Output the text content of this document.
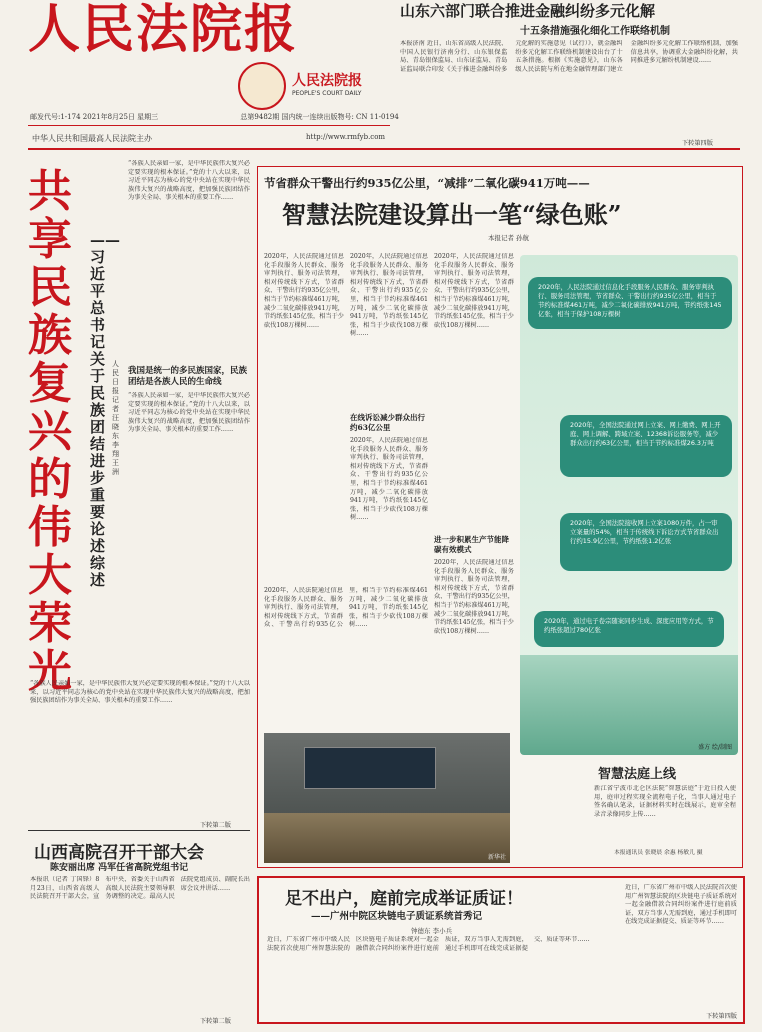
人民法院报
人民法院报
PEOPLE'S COURT DAILY
邮发代号:1-174 2021年8月25日 星期三	总第9482期 国内统一连续出版物号: CN 11-0194
中华人民共和国最高人民法院主办	http://www.rmfyb.com
山东六部门联合推进金融纠纷多元化解
十五条措施强化细化工作联络机制
本报济南 近日，山东省高级人民法院、中国人民银行济南分行、山东银保监局、青岛银保监局、山东证监局、青岛证监局联合印发《关于推进金融纠纷多元化解的实施意见（试行）》，就金融纠纷多元化解工作联络机制建设出台了十五条措施。根据《实施意见》，山东各级人民法院与所在地金融管理部门建立金融纠纷多元化解工作联络机制，加强信息共享，协调重大金融纠纷化解，共同推进多元解纷机制建设……
下转第四版
共享民族复兴的伟大荣光
——习近平总书记关于民族团结进步重要论述综述
人民日报记者 汪晓东 李翔 王洲
“各族人民亲如一家，是中华民族伟大复兴必定要实现的根本保证。”党的十八大以来，以习近平同志为核心的党中央站在实现中华民族伟大复兴的战略高度，把加强民族团结作为事关全局、事关根本的重要工作……
我国是统一的多民族国家，民族团结是各族人民的生命线
“各族人民亲如一家，是中华民族伟大复兴必定要实现的根本保证。”党的十八大以来，以习近平同志为核心的党中央站在实现中华民族伟大复兴的战略高度，把加强民族团结作为事关全局、事关根本的重要工作……
“各族人民亲如一家，是中华民族伟大复兴必定要实现的根本保证。”党的十八大以来，以习近平同志为核心的党中央站在实现中华民族伟大复兴的战略高度，把加强民族团结作为事关全局、事关根本的重要工作……
下转第二版
山西高院召开干部大会
陈安丽出席 冯军任省高院党组书记
本报讯（记者 丁国锋）8月23日，山西省高级人民法院召开干部大会，宣布中央、省委关于山西省高级人民法院主要领导职务调整的决定。最高人民法院党组成员、副院长出席会议并讲话……
下转第二版
节省群众干警出行约935亿公里，“减排”二氧化碳941万吨——
智慧法院建设算出一笔“绿色账”
本报记者 孙航
2020年，人民法院通过信息化手段服务人民群众、服务审判执行、服务司法管理，相对传统线下方式，节省群众、干警出行约935亿公里，相当于节约标准煤461万吨，减少二氧化碳排放941万吨，节约纸张145亿张，相当于少砍伐108万棵树……
2020年，人民法院通过信息化手段服务人民群众、服务审判执行、服务司法管理，相对传统线下方式，节省群众、干警出行约935亿公里，相当于节约标准煤461万吨，减少二氧化碳排放941万吨，节约纸张145亿张，相当于少砍伐108万棵树……
在线诉讼减少群众出行约63亿公里
2020年，人民法院通过信息化手段服务人民群众、服务审判执行、服务司法管理，相对传统线下方式，节省群众、干警出行约935亿公里，相当于节约标准煤461万吨，减少二氧化碳排放941万吨，节约纸张145亿张，相当于少砍伐108万棵树……
2020年，人民法院通过信息化手段服务人民群众、服务审判执行、服务司法管理，相对传统线下方式，节省群众、干警出行约935亿公里，相当于节约标准煤461万吨，减少二氧化碳排放941万吨，节约纸张145亿张，相当于少砍伐108万棵树……
进一步积累生产节能降碳有效模式
2020年，人民法院通过信息化手段服务人民群众、服务审判执行、服务司法管理，相对传统线下方式，节省群众、干警出行约935亿公里，相当于节约标准煤461万吨，减少二氧化碳排放941万吨，节约纸张145亿张，相当于少砍伐108万棵树……
2020年，人民法院通过信息化手段服务人民群众、服务审判执行、服务司法管理，相对传统线下方式，节省群众、干警出行约935亿公里，相当于节约标准煤461万吨，减少二氧化碳排放941万吨，节约纸张145亿张，相当于少砍伐108万棵树……
2020年，人民法院通过信息化手段服务人民群众、服务审判执行、服务司法管理，节省群众、干警出行约935亿公里，相当于节约标准煤461万吨，减少二氧化碳排放941万吨，节约纸张145亿张，相当于保护108万棵树
2020年，全国法院通过网上立案、网上缴费、网上开庭、网上调解、跨域立案、12368诉讼服务等，减少群众出行约63亿公里，相当于节约标准煤26.3万吨
2020年，全国法院接收网上立案1080万件，占一审立案量的54%，相当于传统线下诉讼方式节省群众出行约15.9亿公里，节约纸张1.2亿张
2020年，通过电子卷宗随案同步生成、深度应用等方式，节约纸张超过780亿张
盛方 绘/制图
智慧法庭上线
新江省宁波市北仑区法院“智慧法庭”于近日投入使用，庭审过程实现全流程电子化，当事人通过电子签名确认笔录，证据材料实时在线展示，庭审全程录音录像同步上传……
本报通讯员 张晓晨 余惠 杨敏儿 摄
新华社
足不出户，庭前完成举证质证！
——广州中院区块链电子质证系统首秀记
钟德东 李小兵
近日，广东省广州市中级人民法院首次使用广州智慧法院的区块链电子质证系统对一起金融借款合同纠纷案件进行庭前质证，双方当事人无需到庭，通过手机即可在线完成证据提交、质证等环节……
近日，广东省广州市中级人民法院首次使用广州智慧法院的区块链电子质证系统对一起金融借款合同纠纷案件进行庭前质证，双方当事人无需到庭，通过手机即可在线完成证据提交、质证等环节……
下转第四版
